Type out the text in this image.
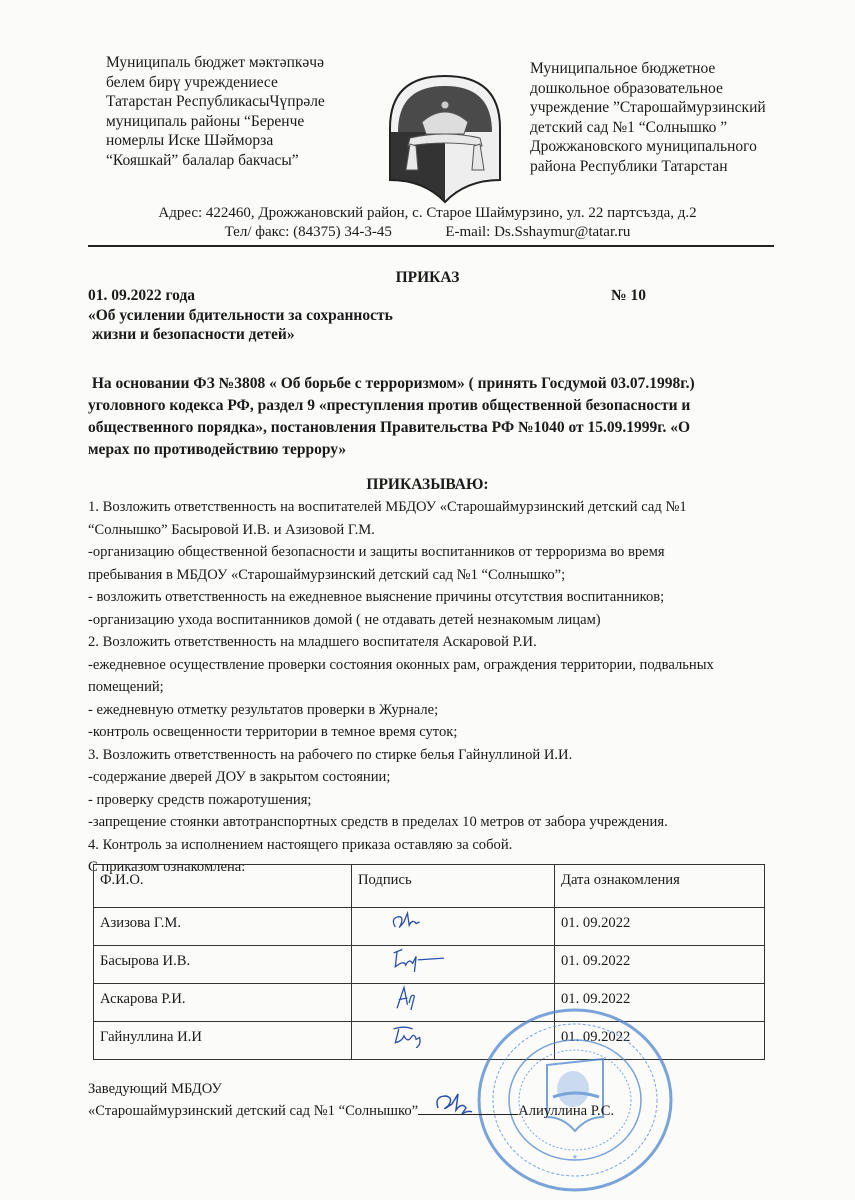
Муниципаль бюджет мәктәпкәчә
белем бирү учреждениесе
Татарстан РеспубликасыЧүпрәле
муниципаль районы “Беренче
номерлы Иске Шәйморза
“Кояшкай” балалар бакчасы”
Муниципальное бюджетное
дошкольное образовательное
учреждение ”Старошаймурзинский
детский сад №1 “Солнышко ”
Дрожжановского муниципального
района Республики Татарстан
Адрес: 422460, Дрожжановский район, с. Старое Шаймурзино, ул. 22 партсъзда, д.2
Тел/ факс: (84375) 34-3-45	E-mail: Ds.Sshaymur@tatar.ru
ПРИКАЗ
01. 09.2022 года	№ 10
«Об усилении бдительности за сохранность
жизни и безопасности детей»
На основании ФЗ №3808 « Об борьбе с терроризмом» ( принять Госдумой 03.07.1998г.)
уголовного кодекса РФ, раздел 9 «преступления против общественной безопасности и
общественного порядка», постановления Правительства РФ №1040 от 15.09.1999г. «О
мерах по противодействию террору»
ПРИКАЗЫВАЮ:
1. Возложить ответственность на воспитателей МБДОУ «Старошаймурзинский детский сад №1
“Солнышко” Басыровой И.В. и Азизовой Г.М.
-организацию общественной безопасности и защиты воспитанников от терроризма во время
пребывания в МБДОУ «Старошаймурзинский детский сад №1 “Солнышко”;
- возложить ответственность на ежедневное выяснение причины отсутствия воспитанников;
-организацию ухода воспитанников домой ( не отдавать детей незнакомым лицам)
2. Возложить ответственность на младшего воспитателя Аскаровой Р.И.
-ежедневное осуществление проверки состояния оконных рам, ограждения территории, подвальных
помещений;
- ежедневную отметку результатов проверки в Журнале;
-контроль освещенности территории в темное время суток;
3. Возложить ответственность на рабочего по стирке белья Гайнуллиной И.И.
-содержание дверей ДОУ в закрытом состоянии;
- проверку средств пожаротушения;
-запрещение стоянки автотранспортных средств в пределах 10 метров от забора учреждения.
4. Контроль за исполнением настоящего приказа оставляю за собой.
С приказом ознакомлена:
Ф.И.О.	Подпись	Дата ознакомления
Азизова Г.М.		01. 09.2022
Басырова И.В.		01. 09.2022
Аскарова Р.И.		01. 09.2022
Гайнуллина И.И		01. 09.2022
*
Заведующий МБДОУ
«Старошаймурзинский детский сад №1 “Солнышко”	Алиуллина Р.С.
